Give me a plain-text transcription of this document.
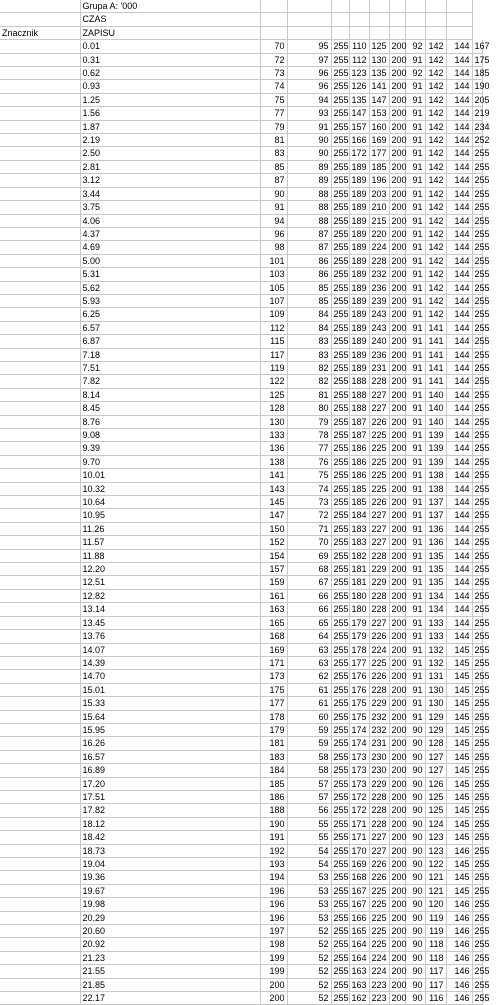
	Grupa A: '000										
	CZAS										
Znacznik	ZAPISU										
	0.01	70	95	255	110	125	200	92	142	144	167
	0.31	72	97	255	112	130	200	91	142	144	175
	0.62	73	96	255	123	135	200	92	142	144	185
	0.93	74	96	255	126	141	200	91	142	144	190
	1.25	75	94	255	135	147	200	91	142	144	205
	1.56	77	93	255	147	153	200	91	142	144	219
	1.87	79	91	255	157	160	200	91	142	144	234
	2.19	81	90	255	166	169	200	91	142	144	252
	2.50	83	90	255	172	177	200	91	142	144	255
	2.81	85	89	255	189	185	200	91	142	144	255
	3.12	87	89	255	189	196	200	91	142	144	255
	3.44	90	88	255	189	203	200	91	142	144	255
	3.75	91	88	255	189	210	200	91	142	144	255
	4.06	94	88	255	189	215	200	91	142	144	255
	4.37	96	87	255	189	220	200	91	142	144	255
	4.69	98	87	255	189	224	200	91	142	144	255
	5.00	101	86	255	189	228	200	91	142	144	255
	5.31	103	86	255	189	232	200	91	142	144	255
	5.62	105	85	255	189	236	200	91	142	144	255
	5.93	107	85	255	189	239	200	91	142	144	255
	6.25	109	84	255	189	243	200	91	142	144	255
	6.57	112	84	255	189	243	200	91	141	144	255
	6.87	115	83	255	189	240	200	91	141	144	255
	7.18	117	83	255	189	236	200	91	141	144	255
	7.51	119	82	255	189	231	200	91	141	144	255
	7.82	122	82	255	188	228	200	91	141	144	255
	8.14	125	81	255	188	227	200	91	140	144	255
	8.45	128	80	255	188	227	200	91	140	144	255
	8.76	130	79	255	187	226	200	91	140	144	255
	9.08	133	78	255	187	225	200	91	139	144	255
	9.39	136	77	255	186	225	200	91	139	144	255
	9.70	138	76	255	186	225	200	91	139	144	255
	10.01	141	75	255	186	225	200	91	138	144	255
	10.32	143	74	255	185	225	200	91	138	144	255
	10.64	145	73	255	185	226	200	91	137	144	255
	10.95	147	72	255	184	227	200	91	137	144	255
	11.26	150	71	255	183	227	200	91	136	144	255
	11.57	152	70	255	183	227	200	91	136	144	255
	11.88	154	69	255	182	228	200	91	135	144	255
	12.20	157	68	255	181	229	200	91	135	144	255
	12.51	159	67	255	181	229	200	91	135	144	255
	12.82	161	66	255	180	228	200	91	134	144	255
	13.14	163	66	255	180	228	200	91	134	144	255
	13.45	165	65	255	179	227	200	91	133	144	255
	13.76	168	64	255	179	226	200	91	133	144	255
	14.07	169	63	255	178	224	200	91	132	145	255
	14.39	171	63	255	177	225	200	91	132	145	255
	14.70	173	62	255	176	226	200	91	131	145	255
	15.01	175	61	255	176	228	200	91	130	145	255
	15.33	177	61	255	175	229	200	91	130	145	255
	15.64	178	60	255	175	232	200	91	129	145	255
	15.95	179	59	255	174	232	200	90	129	145	255
	16.26	181	59	255	174	231	200	90	128	145	255
	16.57	183	58	255	173	230	200	90	127	145	255
	16.89	184	58	255	173	230	200	90	127	145	255
	17.20	185	57	255	173	229	200	90	126	145	255
	17.51	186	57	255	172	228	200	90	125	145	255
	17.82	188	56	255	172	228	200	90	125	145	255
	18.12	190	55	255	171	228	200	90	124	145	255
	18.42	191	55	255	171	227	200	90	123	145	255
	18.73	192	54	255	170	227	200	90	123	146	255
	19.04	193	54	255	169	226	200	90	122	145	255
	19.36	194	53	255	168	226	200	90	121	145	255
	19.67	196	53	255	167	225	200	90	121	145	255
	19.98	196	53	255	167	225	200	90	120	146	255
	20.29	196	53	255	166	225	200	90	119	146	255
	20.60	197	52	255	165	225	200	90	119	146	255
	20.92	198	52	255	164	225	200	90	118	146	255
	21.23	199	52	255	164	224	200	90	118	146	255
	21.55	199	52	255	163	224	200	90	117	146	255
	21.85	200	52	255	163	223	200	90	117	146	255
	22.17	200	52	255	162	223	200	90	116	146	255
